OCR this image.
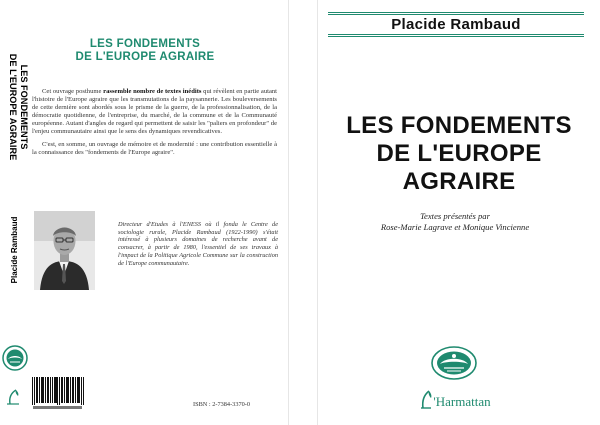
LES FONDEMENTS
DE L'EUROPE AGRAIRE

Cet ouvrage posthume rassemble nombre de textes inédits qui révèlent en partie autant l'histoire de l'Europe agraire que les transmutations de la paysannerie. Les bouleversements de cette dernière sont abordés sous le prisme de la guerre, de la professionnalisation, de la démocratie quotidienne, de l'entreprise, du marché, de la commune et de la Communauté européenne. Autant d'angles de regard qui permettent de saisir les "paliers en profondeur" de l'enjeu communautaire ainsi que le sens des dynamiques revendicatives.

C'est, en somme, un ouvrage de mémoire et de modernité : une contribution essentielle à la connaissance des "fondements de l'Europe agraire".

Directeur d'Etudes à l'ENESS où il fonda le Centre de sociologie rurale, Placide Rambaud (1922-1990) s'était intéressé à plusieurs domaines de recherche avant de consacrer, à partir de 1980, l'essentiel de ses travaux à l'impact de la Politique Agricole Commune sur la construction de l'Europe communautaire.
ISBN : 2-7384-3370-0
LES FONDEMENTS
DE L'EUROPE AGRAIRE
Placide Rambaud
Placide Rambaud
LES FONDEMENTS
DE L'EUROPE
AGRAIRE
Textes présentés par
Rose-Marie Lagrave et Monique Vincienne
L
'Harmattan
